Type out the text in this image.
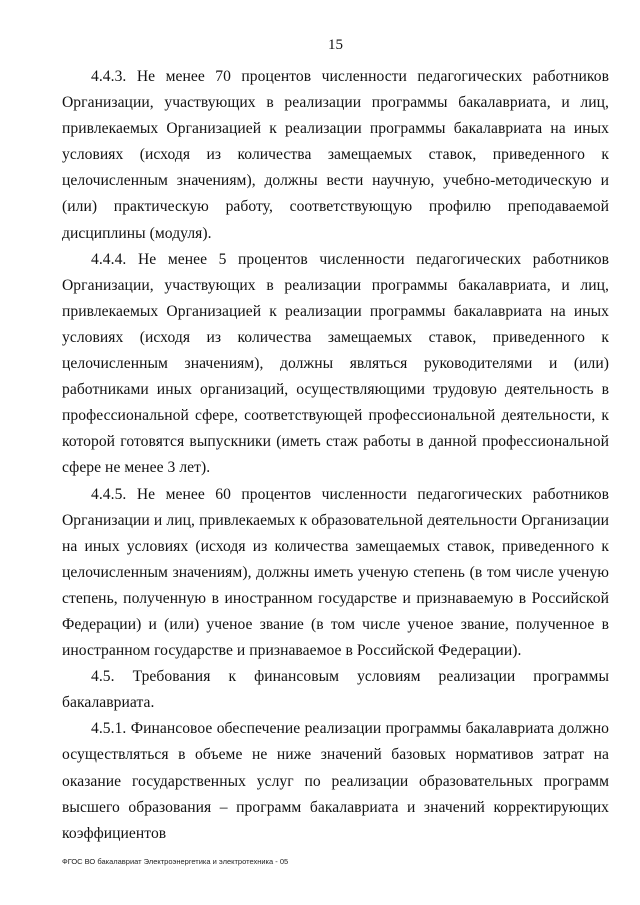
15

4.4.3. Не менее 70 процентов численности педагогических работников Организации, участвующих в реализации программы бакалавриата, и лиц, привлекаемых Организацией к реализации программы бакалавриата на иных условиях (исходя из количества замещаемых ставок, приведенного к целочисленным значениям), должны вести научную, учебно-методическую и (или) практическую работу, соответствующую профилю преподаваемой дисциплины (модуля).

4.4.4. Не менее 5 процентов численности педагогических работников Организации, участвующих в реализации программы бакалавриата, и лиц, привлекаемых Организацией к реализации программы бакалавриата на иных условиях (исходя из количества замещаемых ставок, приведенного к целочисленным значениям), должны являться руководителями и (или) работниками иных организаций, осуществляющими трудовую деятельность в профессиональной сфере, соответствующей профессиональной деятельности, к которой готовятся выпускники (иметь стаж работы в данной профессиональной сфере не менее 3 лет).

4.4.5. Не менее 60 процентов численности педагогических работников Организации и лиц, привлекаемых к образовательной деятельности Организации на иных условиях (исходя из количества замещаемых ставок, приведенного к целочисленным значениям), должны иметь ученую степень (в том числе ученую степень, полученную в иностранном государстве и признаваемую в Российской Федерации) и (или) ученое звание (в том числе ученое звание, полученное в иностранном государстве и признаваемое в Российской Федерации).

4.5. Требования к финансовым условиям реализации программы бакалавриата.

4.5.1. Финансовое обеспечение реализации программы бакалавриата должно осуществляться в объеме не ниже значений базовых нормативов затрат на оказание государственных услуг по реализации образовательных программ высшего образования – программ бакалавриата и значений корректирующих коэффициентов

ФГОС ВО бакалавриат Электроэнергетика и электротехника - 05
